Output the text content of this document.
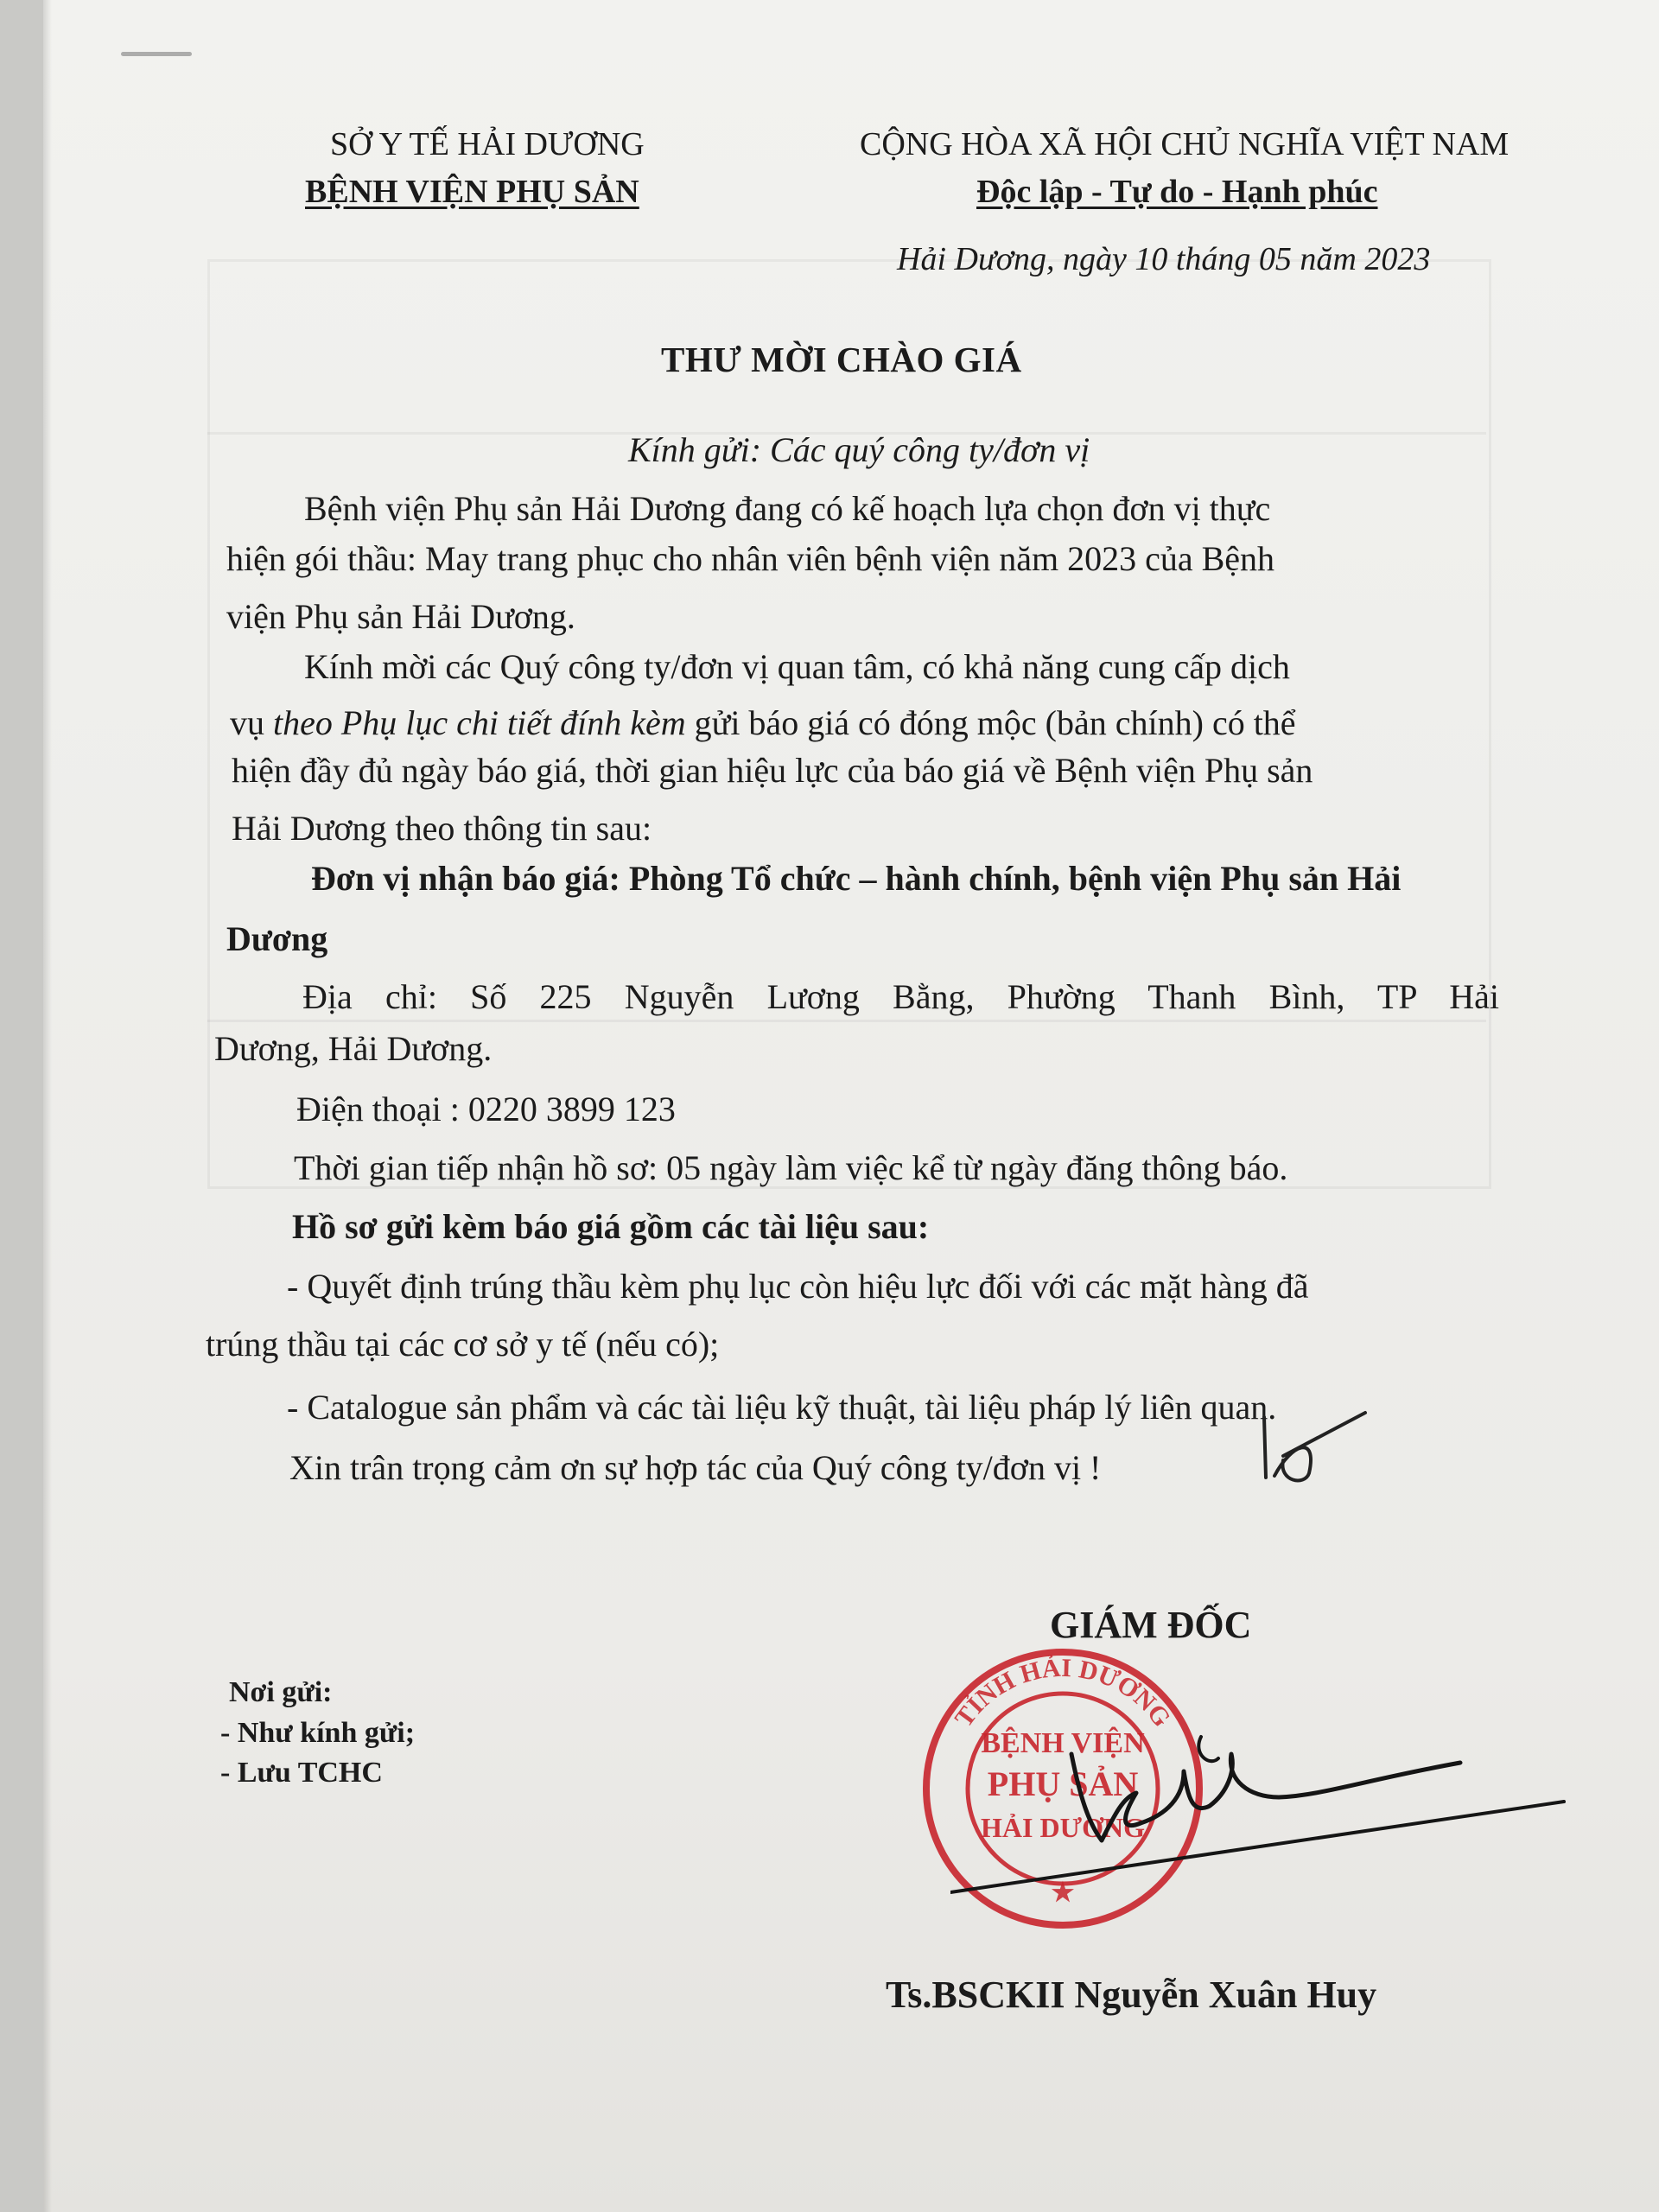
SỞ Y TẾ HẢI DƯƠNG
BỆNH VIỆN PHỤ SẢN
CỘNG HÒA XÃ HỘI CHỦ NGHĨA VIỆT NAM
Độc lập - Tự do - Hạnh phúc
Hải Dương, ngày 10 tháng 05 năm 2023
THƯ MỜI CHÀO GIÁ
Kính gửi: Các quý công ty/đơn vị
Bệnh viện Phụ sản Hải Dương đang có kế hoạch lựa chọn đơn vị thực
hiện gói thầu: May trang phục cho nhân viên bệnh viện năm 2023 của Bệnh
viện Phụ sản Hải Dương.
Kính mời các Quý công ty/đơn vị quan tâm, có khả năng cung cấp dịch
vụ theo Phụ lục chi tiết đính kèm gửi báo giá có đóng mộc (bản chính) có thể
hiện đầy đủ ngày báo giá, thời gian hiệu lực của báo giá về Bệnh viện Phụ sản
Hải Dương theo thông tin sau:
Đơn vị nhận báo giá: Phòng Tổ chức – hành chính, bệnh viện Phụ sản Hải
Dương
Địa chỉ: Số 225 Nguyễn Lương Bằng, Phường Thanh Bình, TP Hải
Dương, Hải Dương.
Điện thoại : 0220 3899 123
Thời gian tiếp nhận hồ sơ: 05 ngày làm việc kể từ ngày đăng thông báo.
Hồ sơ gửi kèm báo giá gồm các tài liệu sau:
- Quyết định trúng thầu kèm phụ lục còn hiệu lực đối với các mặt hàng đã
trúng thầu tại các cơ sở y tế (nếu có);
- Catalogue sản phẩm và các tài liệu kỹ thuật, tài liệu pháp lý liên quan.
Xin trân trọng cảm ơn sự hợp tác của Quý công ty/đơn vị !
GIÁM ĐỐC
Nơi gửi:
- Như kính gửi;
- Lưu TCHC
TỈNH HẢI DƯƠNG
BỆNH VIỆN
PHỤ SẢN
HẢI DƯƠNG
★
Ts.BSCKII Nguyễn Xuân Huy
